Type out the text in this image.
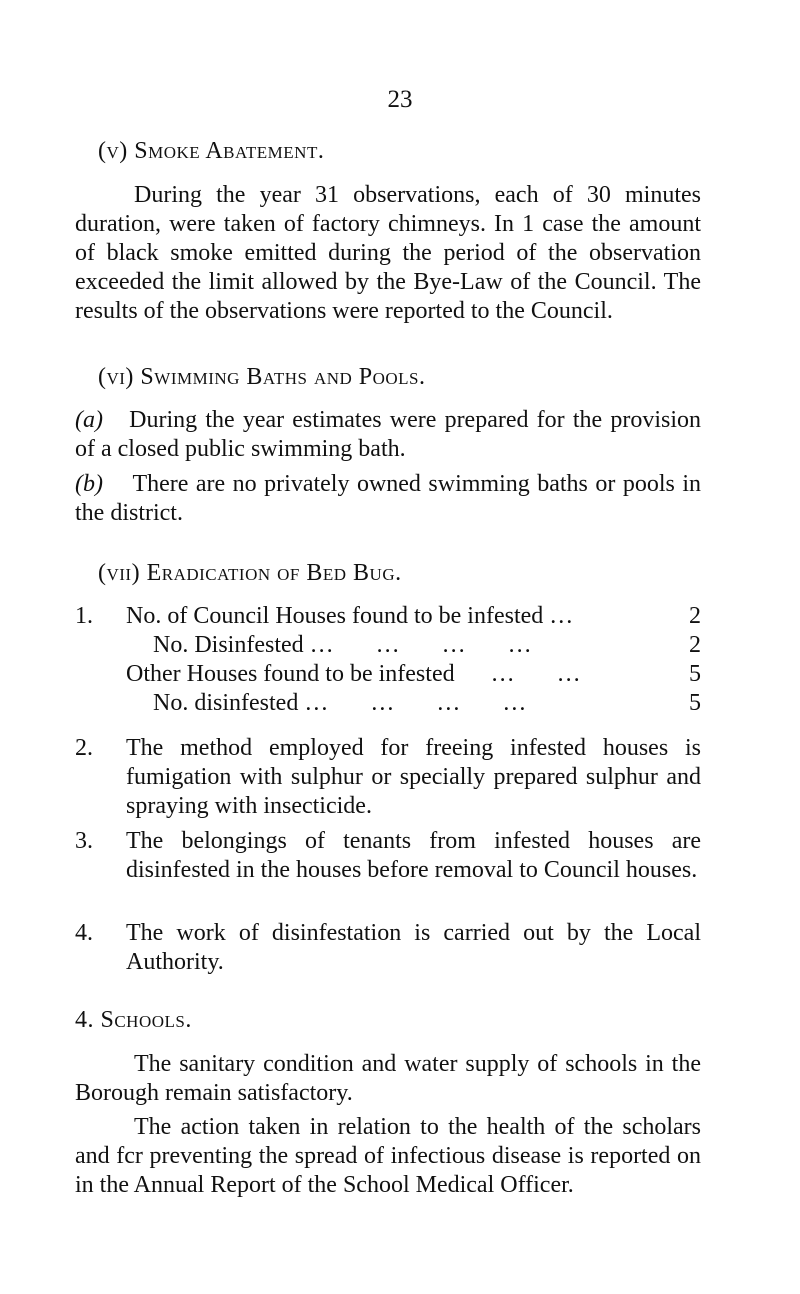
23
(v) Smoke Abatement.

During the year 31 observations, each of 30 minutes duration, were taken of factory chimneys. In 1 case the amount of black smoke emitted during the period of the observation exceeded the limit allowed by the Bye-Law of the Council. The results of the observations were reported to the Council.

(vi) Swimming Baths and Pools.

(a) During the year estimates were prepared for the provision of a closed public swimming bath.

(b) There are no privately owned swimming baths or pools in the district.

(vii) Eradication of Bed Bug.
1. No. of Council Houses found to be infested …	2
No. Disinfested …       …       …       …	2
Other Houses found to be infested      …       …	5
No. disinfested …       …       …       …	5
2. The method employed for freeing infested houses is fumigation with sulphur or specially prepared sulphur and spraying with insecticide.
3. The belongings of tenants from infested houses are disinfested in the houses before removal to Council houses.
4. The work of disinfestation is carried out by the Local Authority.
4. Schools.

The sanitary condition and water supply of schools in the Borough remain satisfactory.

The action taken in relation to the health of the scholars and fcr preventing the spread of infectious disease is reported on in the Annual Report of the School Medical Officer.
